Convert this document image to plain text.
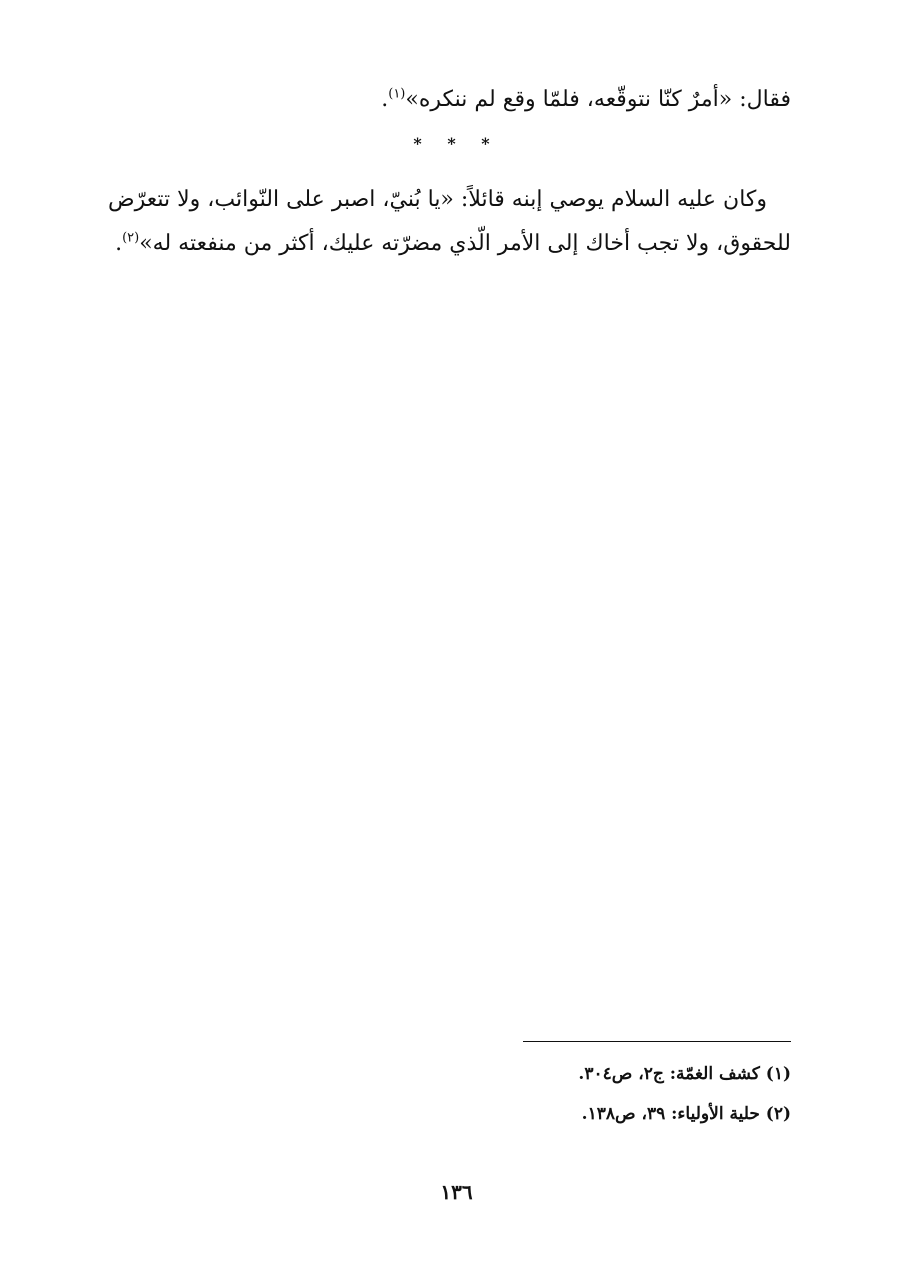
فقال: «أمرٌ كنّا نتوقّعه، فلمّا وقع لم ننكره»$^{(١)}$.

* * *

وكان عليه السلام يوصي إبنه قائلاً: «يا بُنيّ، اصبر على النّوائب، ولا تتعرّض للحقوق، ولا تجب أخاك إلى الأمر الّذي مضرّته عليك، أكثر من منفعته له»$^{(٢)}$.

(١) كشف الغمّة: ج٢، ص٣٠٤.
(٢) حلية الأولياء: ٣٩، ص١٣٨.
١٣٦
